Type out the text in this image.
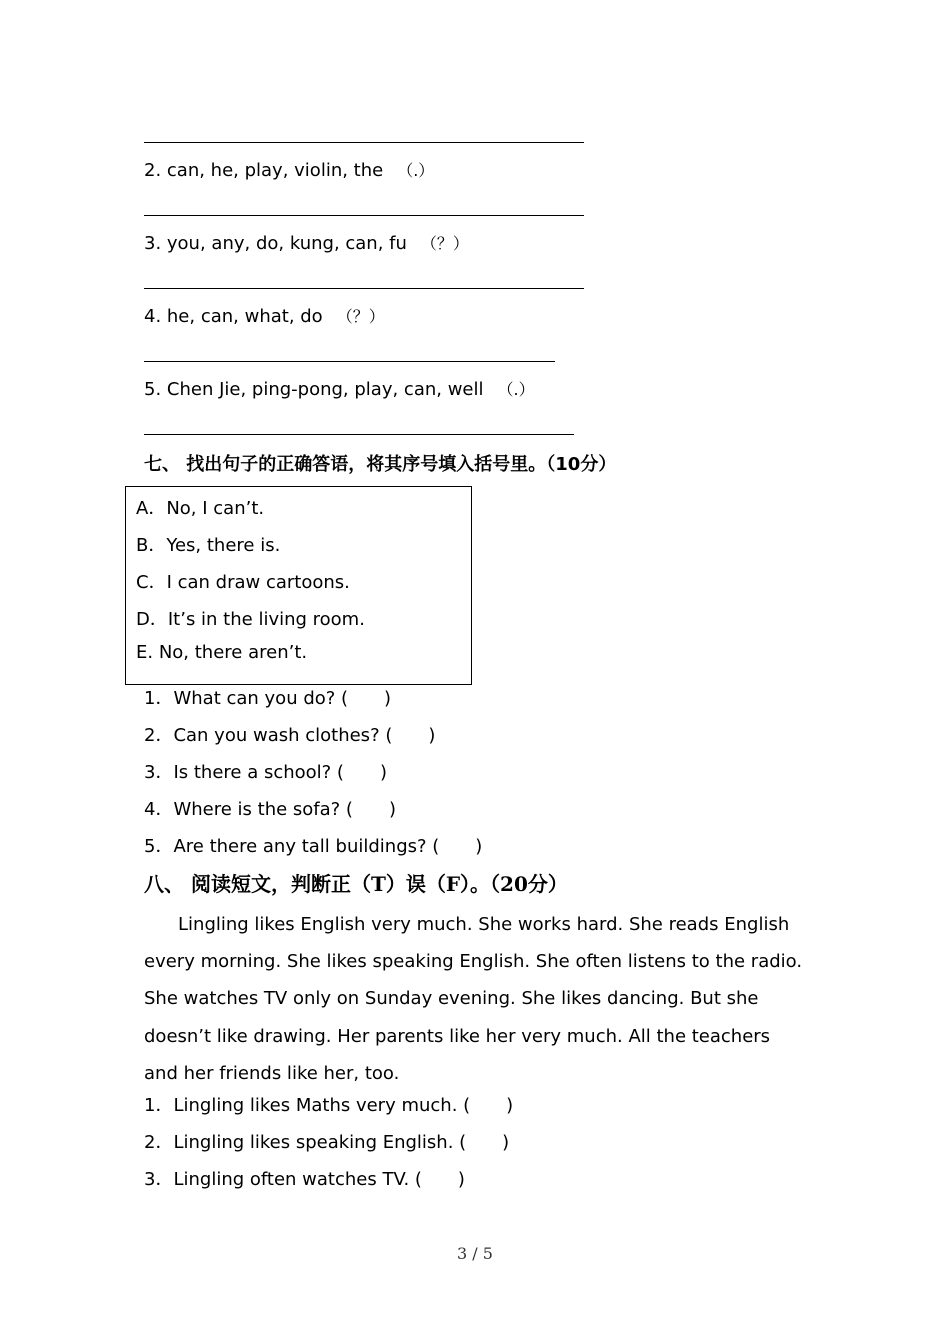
2. can, he, play, violin, the （.）
3. you, any, do, kung, can, fu （？）
4. he, can, what, do （？）
5. Chen Jie, ping-pong, play, can, well （.）
七、 找出句子的正确答语，将其序号填入括号里。（10分）
A．No, I can’t.
B．Yes, there is.
C．I can draw cartoons.
D．It’s in the living room.
E. No, there aren’t.
1．What can you do? (　　)
2．Can you wash clothes? (　　)
3．Is there a school? (　　)
4．Where is the sofa? (　　)
5．Are there any tall buildings? (　　)
八、 阅读短文，判断正（T）误（F）。（20分）
Lingling likes English very much. She works hard. She reads English every morning. She likes speaking English. She often listens to the radio. She watches TV only on Sunday evening. She likes dancing. But she doesn’t like drawing. Her parents like her very much. All the teachers and her friends like her, too.
1．Lingling likes Maths very much. (　　)
2．Lingling likes speaking English. (　　)
3．Lingling often watches TV. (　　)
3 / 5
